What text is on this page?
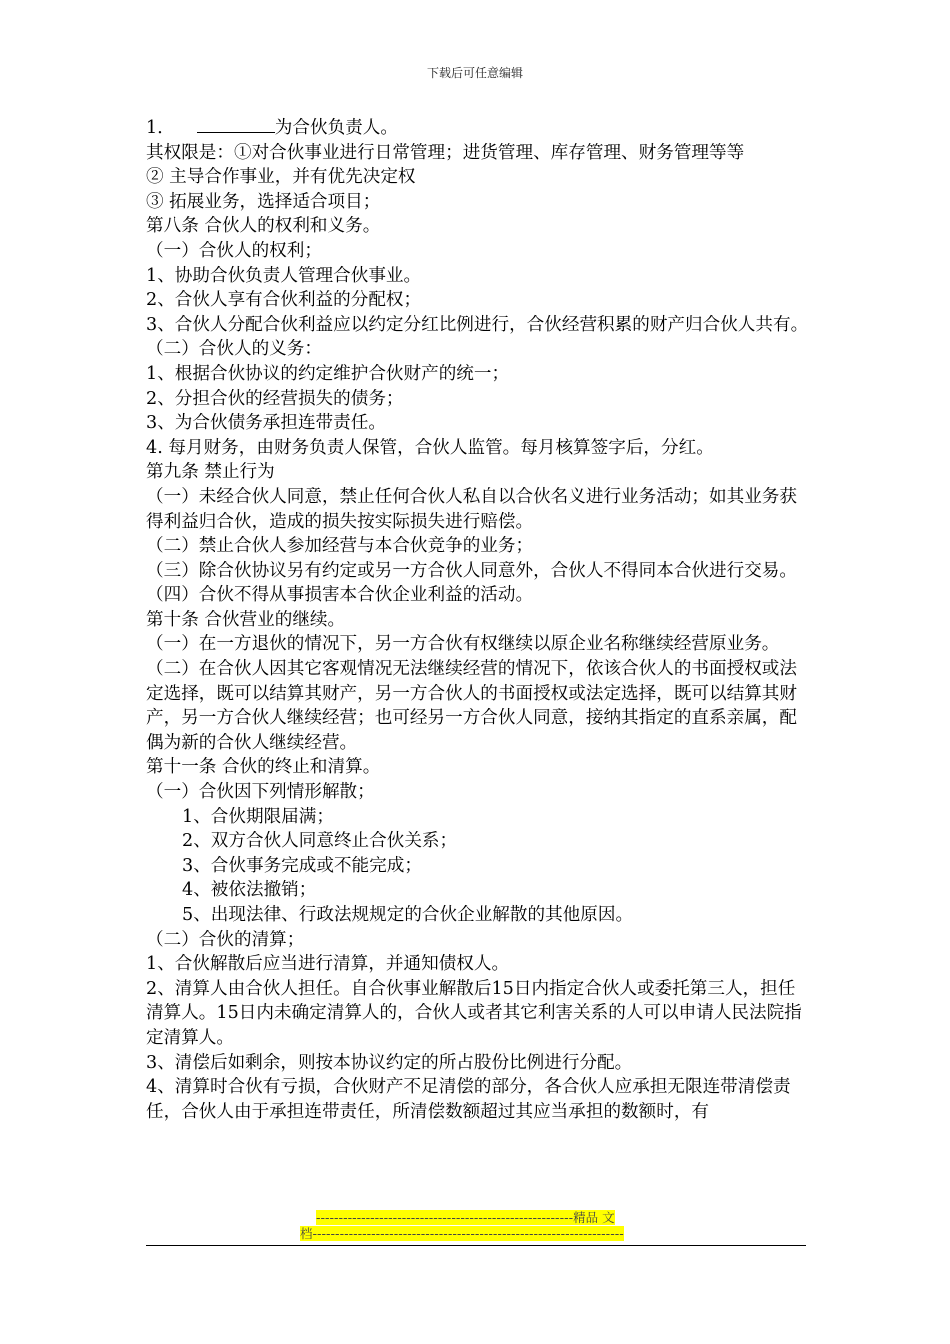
下载后可任意编辑

1．	为合伙负责人。

其权限是：①对合伙事业进行日常管理；进货管理、库存管理、财务管理等等

② 主导合作事业，并有优先决定权

③ 拓展业务，选择适合项目；

第八条 合伙人的权利和义务。

（一）合伙人的权利；

1、协助合伙负责人管理合伙事业。

2、合伙人享有合伙利益的分配权；

3、合伙人分配合伙利益应以约定分红比例进行，合伙经营积累的财产归合伙人共有。

（二）合伙人的义务：

1、根据合伙协议的约定维护合伙财产的统一；

2、分担合伙的经营损失的债务；

3、为合伙债务承担连带责任。

4. 每月财务，由财务负责人保管，合伙人监管。每月核算签字后，分红。

第九条 禁止行为

（一）未经合伙人同意，禁止任何合伙人私自以合伙名义进行业务活动；如其业务获得利益归合伙，造成的损失按实际损失进行赔偿。

（二）禁止合伙人参加经营与本合伙竞争的业务；

（三）除合伙协议另有约定或另一方合伙人同意外，合伙人不得同本合伙进行交易。

（四）合伙不得从事损害本合伙企业利益的活动。

第十条 合伙营业的继续。

（一）在一方退伙的情况下，另一方合伙有权继续以原企业名称继续经营原业务。

（二）在合伙人因其它客观情况无法继续经营的情况下，依该合伙人的书面授权或法定选择，既可以结算其财产，另一方合伙人的书面授权或法定选择，既可以结算其财产，另一方合伙人继续经营；也可经另一方合伙人同意，接纳其指定的直系亲属，配偶为新的合伙人继续经营。

第十一条 合伙的终止和清算。

（一）合伙因下列情形解散；

1、合伙期限届满；

2、双方合伙人同意终止合伙关系；

3、合伙事务完成或不能完成；

4、被依法撤销；

5、出现法律、行政法规规定的合伙企业解散的其他原因。

（二）合伙的清算；

1、合伙解散后应当进行清算，并通知债权人。

2、清算人由合伙人担任。自合伙事业解散后15日内指定合伙人或委托第三人，担任清算人。15日内未确定清算人的，合伙人或者其它利害关系的人可以申请人民法院指定清算人。

3、清偿后如剩余，则按本协议约定的所占股份比例进行分配。

4、清算时合伙有亏损，合伙财产不足清偿的部分，各合伙人应承担无限连带清偿责任，合伙人由于承担连带责任，所清偿数额超过其应当承担的数额时，有

---------------------------------------------------------精品 文
档---------------------------------------------------------------------
